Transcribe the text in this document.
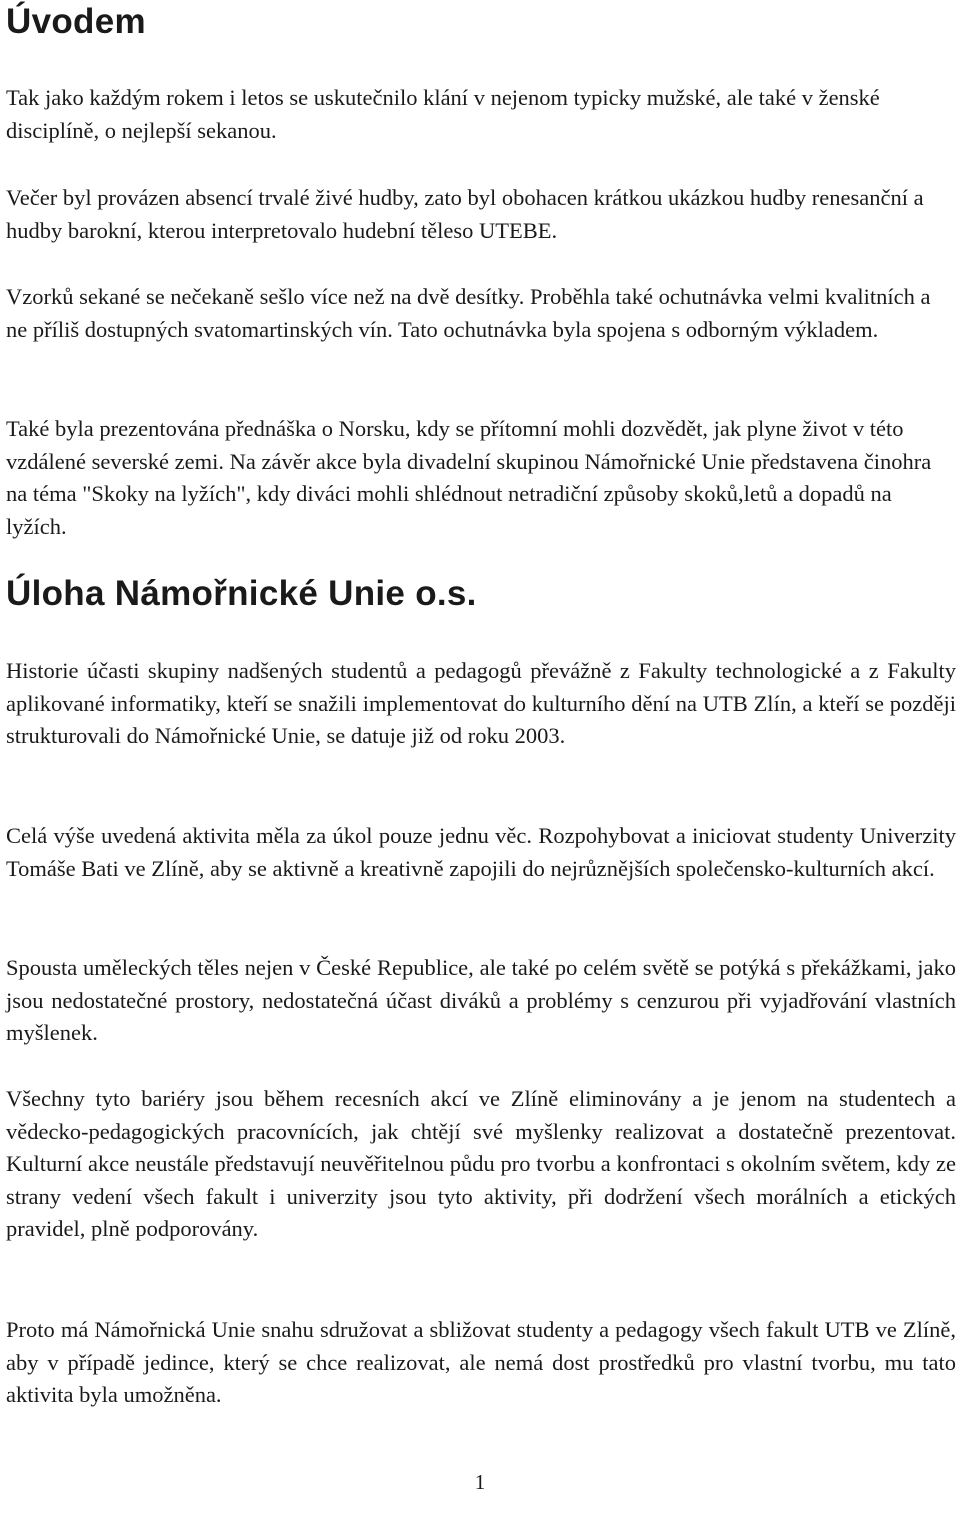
Úvodem

Tak jako každým rokem i letos se uskutečnilo klání v nejenom typicky mužské, ale také v ženské disciplíně, o nejlepší sekanou.

Večer byl provázen absencí trvalé živé hudby, zato byl obohacen krátkou ukázkou hudby renesanční a hudby barokní, kterou interpretovalo hudební těleso UTEBE.

Vzorků sekané se nečekaně sešlo více než na dvě desítky. Proběhla také ochutnávka velmi kvalitních a ne příliš dostupných svatomartinských vín. Tato ochutnávka byla spojena s odborným výkladem.

Také byla prezentována přednáška o Norsku, kdy se přítomní mohli dozvědět, jak plyne život v této vzdálené severské zemi. Na závěr akce byla divadelní skupinou Námořnické Unie představena činohra na téma "Skoky na lyžích", kdy diváci mohli shlédnout netradiční způsoby skoků,letů a dopadů na lyžích.

Úloha Námořnické Unie o.s.

Historie účasti skupiny nadšených studentů a pedagogů převážně z Fakulty technologické a z Fakulty aplikované informatiky, kteří se snažili implementovat do kulturního dění na UTB Zlín, a kteří se později strukturovali do Námořnické Unie, se datuje již od roku 2003.

Celá výše uvedená aktivita měla za úkol pouze jednu věc. Rozpohybovat a iniciovat studenty Univerzity Tomáše Bati ve Zlíně, aby se aktivně a kreativně zapojili do nejrůznějších společensko-kulturních akcí.

Spousta uměleckých těles nejen v České Republice, ale také po celém světě se potýká s překážkami, jako jsou nedostatečné prostory, nedostatečná účast diváků a problémy s cenzurou při vyjadřování vlastních myšlenek.

Všechny tyto bariéry jsou během recesních akcí ve Zlíně eliminovány a je jenom na studentech a vědecko-pedagogických pracovnících, jak chtějí své myšlenky realizovat a dostatečně prezentovat. Kulturní akce neustále představují neuvěřitelnou půdu pro tvorbu a konfrontaci s okolním světem, kdy ze strany vedení všech fakult i univerzity jsou tyto aktivity, při dodržení všech morálních a etických pravidel, plně podporovány.

Proto má Námořnická Unie snahu sdružovat a sbližovat studenty a pedagogy všech fakult UTB ve Zlíně, aby v případě jedince, který se chce realizovat, ale nemá dost prostředků pro vlastní tvorbu, mu tato aktivita byla umožněna.

1
